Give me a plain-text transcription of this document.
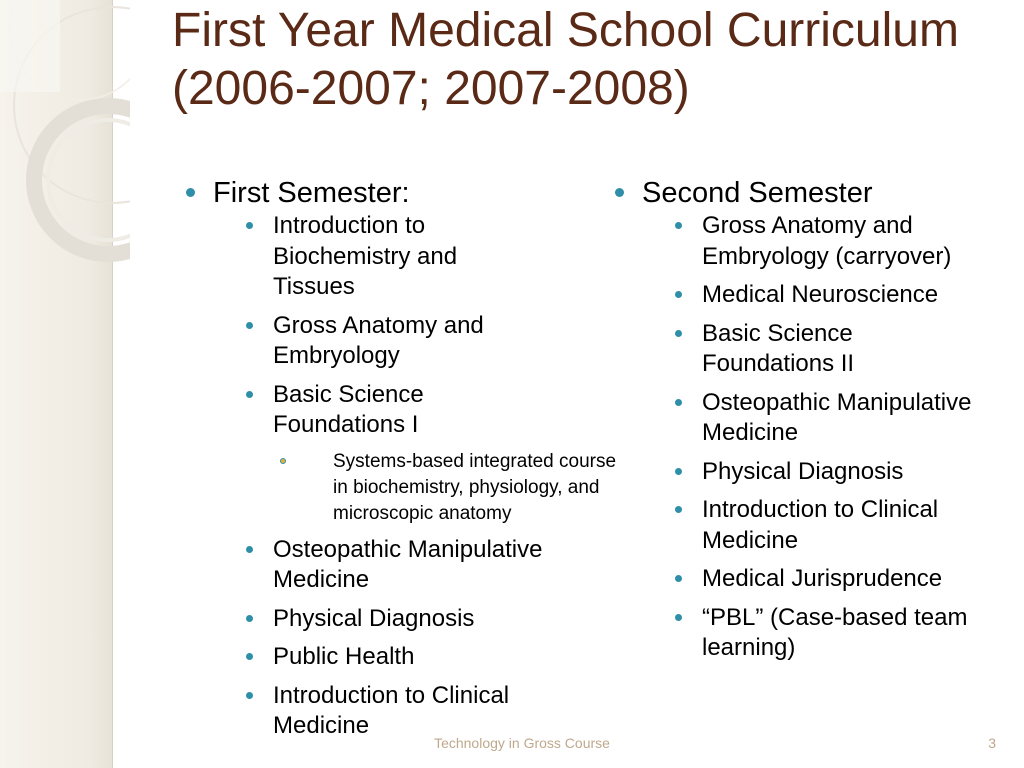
First Year Medical School Curriculum (2006-2007; 2007-2008)
First Semester:
Introduction to Biochemistry and Tissues
Gross Anatomy and Embryology
Basic Science Foundations I
Systems-based integrated course in biochemistry, physiology, and microscopic anatomy
Osteopathic Manipulative Medicine
Physical Diagnosis
Public Health
Introduction to Clinical Medicine
Second Semester
Gross Anatomy and Embryology (carryover)
Medical Neuroscience
Basic Science Foundations II
Osteopathic Manipulative Medicine
Physical Diagnosis
Introduction to Clinical Medicine
Medical Jurisprudence
“PBL” (Case-based team learning)
Technology in Gross Course	3
